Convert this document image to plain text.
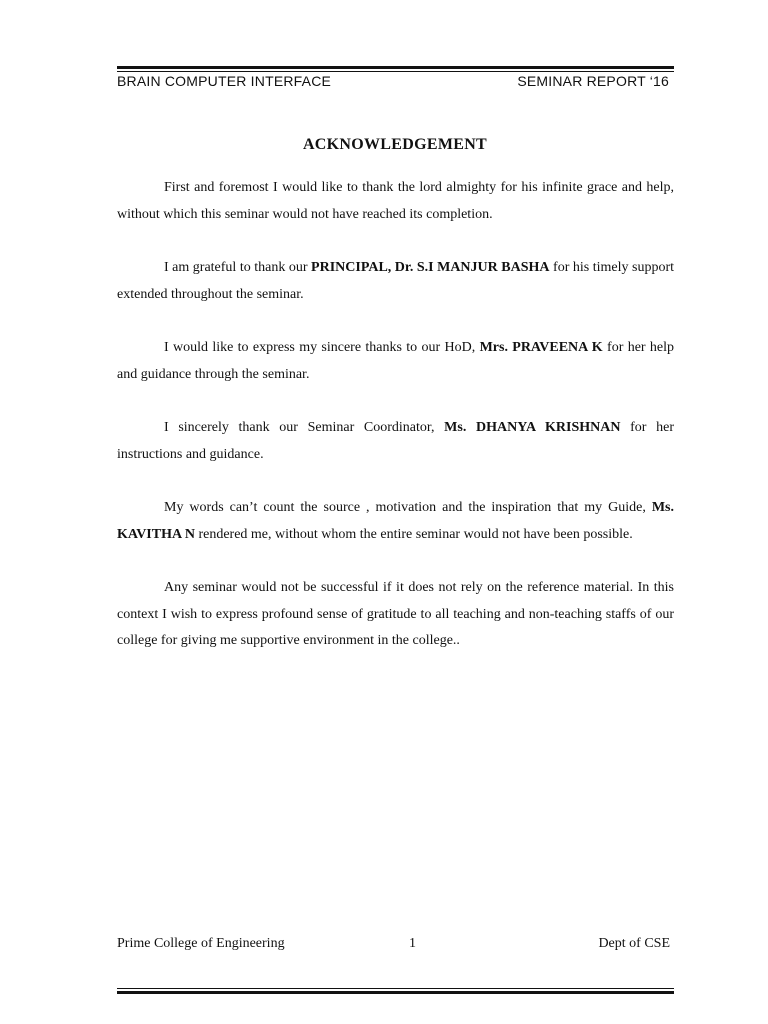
BRAIN COMPUTER INTERFACE	SEMINAR REPORT ‘16
ACKNOWLEDGEMENT

First and foremost I would like to thank the lord almighty for his infinite grace and help, without which this seminar would not have reached its completion.

I am grateful to thank our PRINCIPAL, Dr. S.I MANJUR BASHA for his timely support extended throughout the seminar.

I would like to express my sincere thanks to our HoD, Mrs. PRAVEENA K for her help and guidance through the seminar.

I sincerely thank our Seminar Coordinator, Ms. DHANYA KRISHNAN for her instructions and guidance.

My words can’t count the source , motivation and the inspiration that my Guide, Ms. KAVITHA N rendered me, without whom the entire seminar would not have been possible.

Any seminar would not be successful if it does not rely on the reference material. In this context I wish to express profound sense of gratitude to all teaching and non-teaching staffs of our college for giving me supportive environment in the college..

Prime College of Engineering	1	Dept of CSE
